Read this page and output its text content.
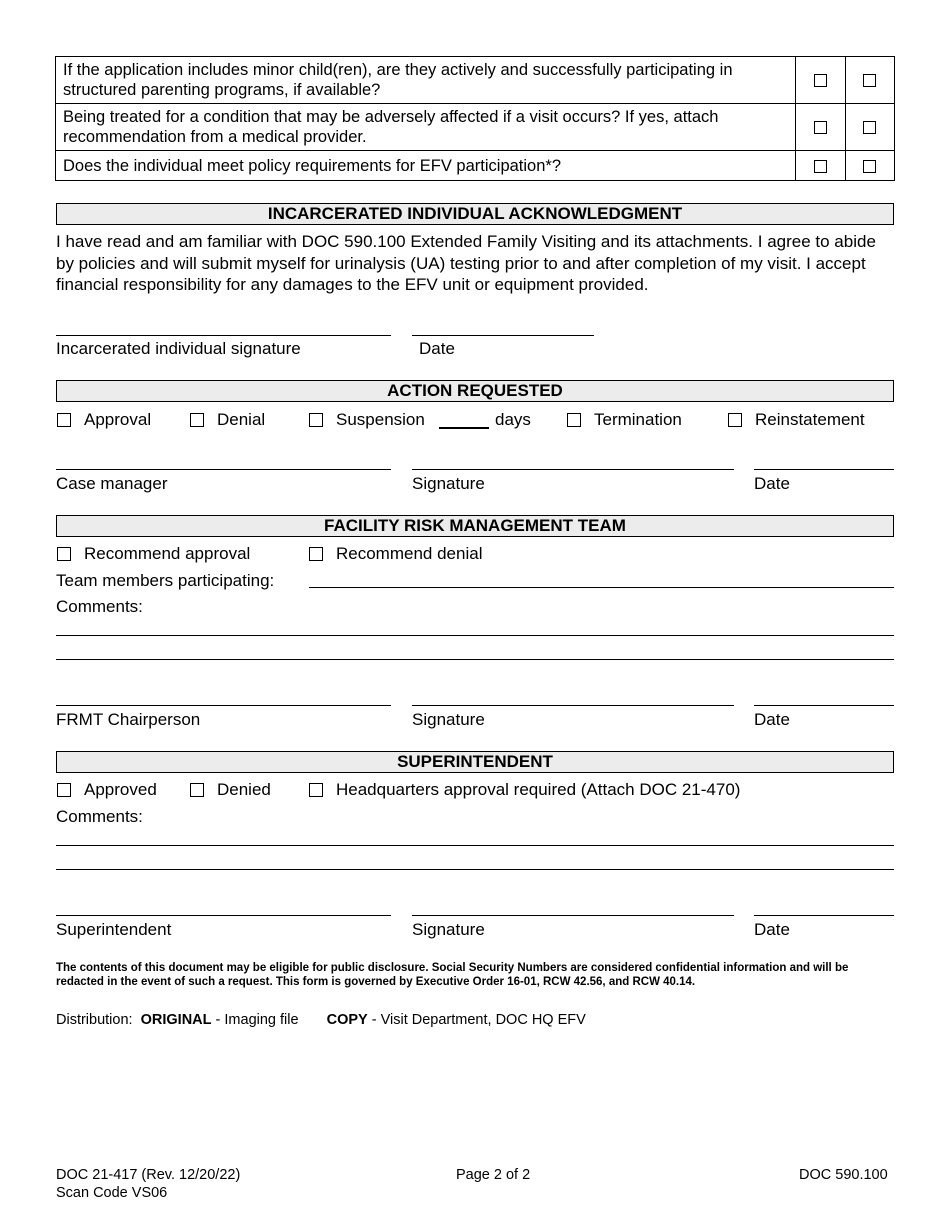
If the application includes minor child(ren), are they actively and successfully participating in structured parenting programs, if available?		
Being treated for a condition that may be adversely affected if a visit occurs? If yes, attach recommendation from a medical provider.		
Does the individual meet policy requirements for EFV participation*?		
INCARCERATED INDIVIDUAL ACKNOWLEDGMENT
I have read and am familiar with DOC 590.100 Extended Family Visiting and its attachments. I agree to abide by policies and will submit myself for urinalysis (UA) testing prior to and after completion of my visit. I accept financial responsibility for any damages to the EFV unit or equipment provided.
Incarcerated individual signature	Date
ACTION REQUESTED
Approval	Denial	Suspension	days	Termination	Reinstatement
Case manager	Signature	Date
FACILITY RISK MANAGEMENT TEAM
Recommend approval	Recommend denial
Team members participating:
Comments:
FRMT Chairperson	Signature	Date
SUPERINTENDENT
Approved	Denied	Headquarters approval required (Attach DOC 21-470)
Comments:
Superintendent	Signature	Date
The contents of this document may be eligible for public disclosure. Social Security Numbers are considered confidential information and will be redacted in the event of such a request. This form is governed by Executive Order 16-01, RCW 42.56, and RCW 40.14.
Distribution: ORIGINAL - Imaging file COPY - Visit Department, DOC HQ EFV
DOC 21-417 (Rev. 12/20/22)
Scan Code VS06
Page 2 of 2	DOC 590.100
